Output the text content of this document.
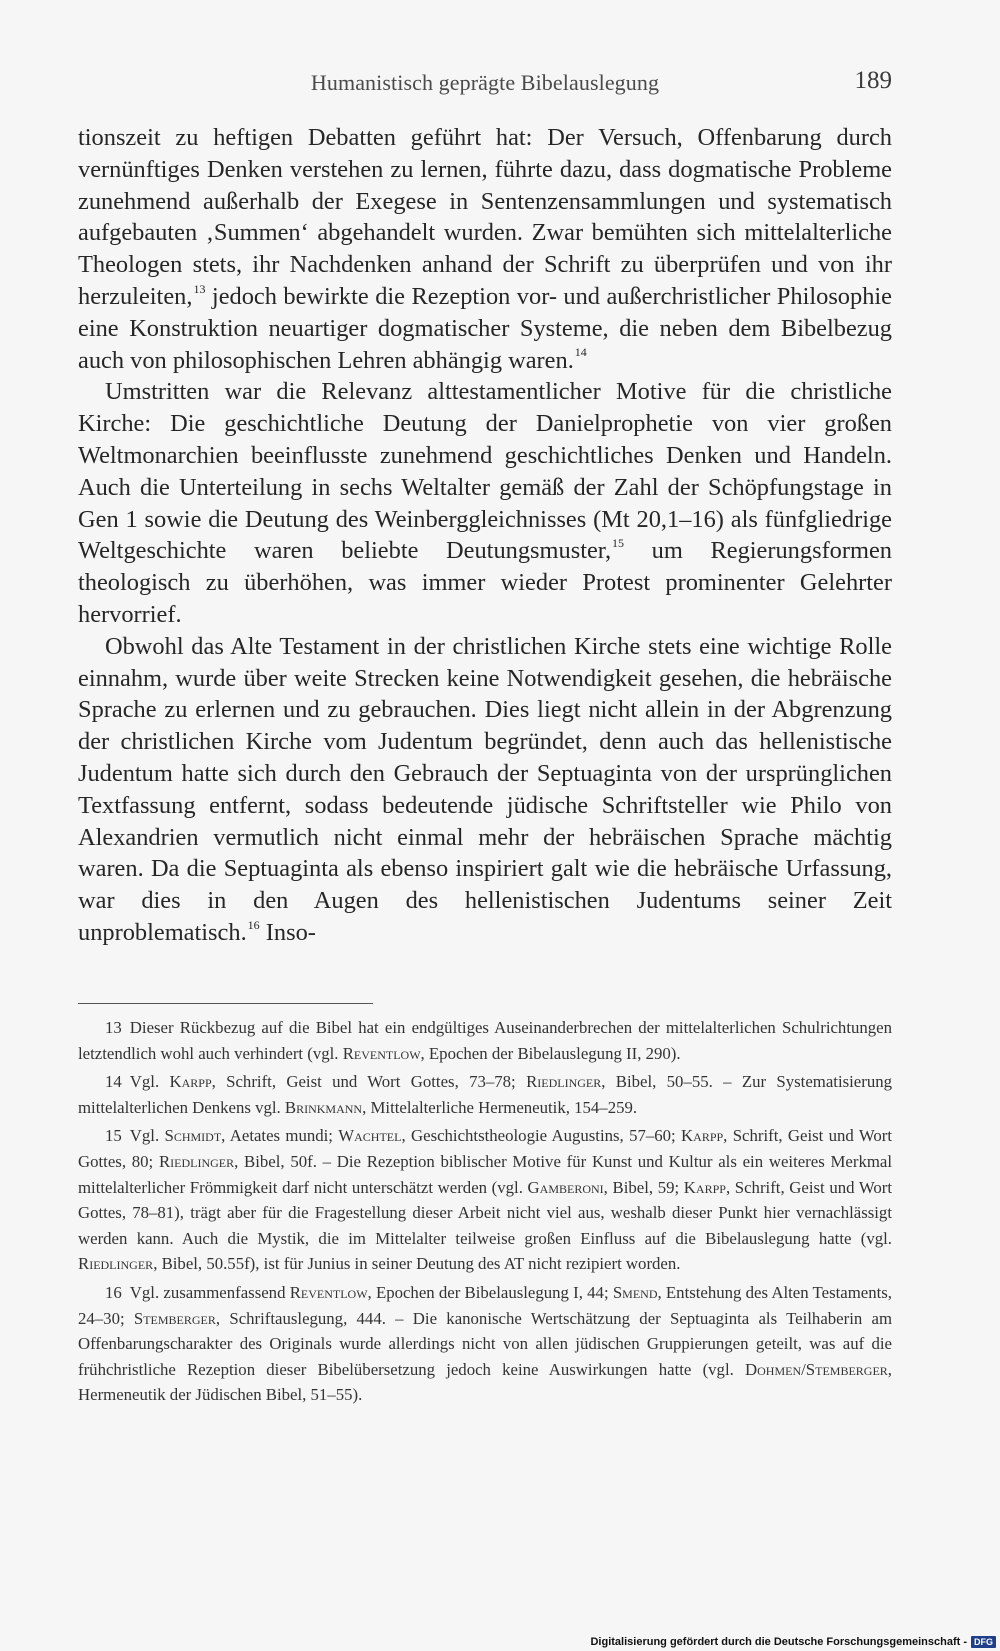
Humanistisch geprägte Bibelauslegung	189

tionszeit zu heftigen Debatten geführt hat: Der Versuch, Offenbarung durch vernünftiges Denken verstehen zu lernen, führte dazu, dass dogmatische Probleme zunehmend außerhalb der Exegese in Sentenzensammlungen und systematisch aufgebauten ‚Summen‘ abgehandelt wurden. Zwar bemühten sich mittelalterliche Theologen stets, ihr Nachdenken anhand der Schrift zu überprüfen und von ihr herzuleiten,$^{13}$ jedoch bewirkte die Rezeption vor- und außerchristlicher Philosophie eine Konstruktion neuartiger dogmatischer Systeme, die neben dem Bibelbezug auch von philosophischen Lehren abhängig waren.$^{14}$

Umstritten war die Relevanz alttestamentlicher Motive für die christliche Kirche: Die geschichtliche Deutung der Danielprophetie von vier großen Weltmonarchien beeinflusste zunehmend geschichtliches Denken und Handeln. Auch die Unterteilung in sechs Weltalter gemäß der Zahl der Schöpfungstage in Gen 1 sowie die Deutung des Weinberggleichnisses (Mt 20,1–16) als fünfgliedrige Weltgeschichte waren beliebte Deutungsmuster,$^{15}$ um Regierungsformen theologisch zu überhöhen, was immer wieder Protest prominenter Gelehrter hervorrief.

Obwohl das Alte Testament in der christlichen Kirche stets eine wichtige Rolle einnahm, wurde über weite Strecken keine Notwendigkeit gesehen, die hebräische Sprache zu erlernen und zu gebrauchen. Dies liegt nicht allein in der Abgrenzung der christlichen Kirche vom Judentum begründet, denn auch das hellenistische Judentum hatte sich durch den Gebrauch der Septuaginta von der ursprünglichen Textfassung entfernt, sodass bedeutende jüdische Schriftsteller wie Philo von Alexandrien vermutlich nicht einmal mehr der hebräischen Sprache mächtig waren. Da die Septuaginta als ebenso inspiriert galt wie die hebräische Urfassung, war dies in den Augen des hellenistischen Judentums seiner Zeit unproblematisch.$^{16}$ Inso-

13 Dieser Rückbezug auf die Bibel hat ein endgültiges Auseinanderbrechen der mittelalterlichen Schulrichtungen letztendlich wohl auch verhindert (vgl. Reventlow, Epochen der Bibelauslegung II, 290).

14 Vgl. Karpp, Schrift, Geist und Wort Gottes, 73–78; Riedlinger, Bibel, 50–55. – Zur Systematisierung mittelalterlichen Denkens vgl. Brinkmann, Mittelalterliche Hermeneutik, 154–259.

15 Vgl. Schmidt, Aetates mundi; Wachtel, Geschichtstheologie Augustins, 57–60; Karpp, Schrift, Geist und Wort Gottes, 80; Riedlinger, Bibel, 50f. – Die Rezeption biblischer Motive für Kunst und Kultur als ein weiteres Merkmal mittelalterlicher Frömmigkeit darf nicht unterschätzt werden (vgl. Gamberoni, Bibel, 59; Karpp, Schrift, Geist und Wort Gottes, 78–81), trägt aber für die Fragestellung dieser Arbeit nicht viel aus, weshalb dieser Punkt hier vernachlässigt werden kann. Auch die Mystik, die im Mittelalter teilweise großen Einfluss auf die Bibelauslegung hatte (vgl. Riedlinger, Bibel, 50.55f), ist für Junius in seiner Deutung des AT nicht rezipiert worden.

16 Vgl. zusammenfassend Reventlow, Epochen der Bibelauslegung I, 44; Smend, Entstehung des Alten Testaments, 24–30; Stemberger, Schriftauslegung, 444. – Die kanonische Wertschätzung der Septuaginta als Teilhaberin am Offenbarungscharakter des Originals wurde allerdings nicht von allen jüdischen Gruppierungen geteilt, was auf die frühchristliche Rezeption dieser Bibelübersetzung jedoch keine Auswirkungen hatte (vgl. Dohmen/Stemberger, Hermeneutik der Jüdischen Bibel, 51–55).

Digitalisierung gefördert durch die Deutsche Forschungsgemeinschaft - DFG
